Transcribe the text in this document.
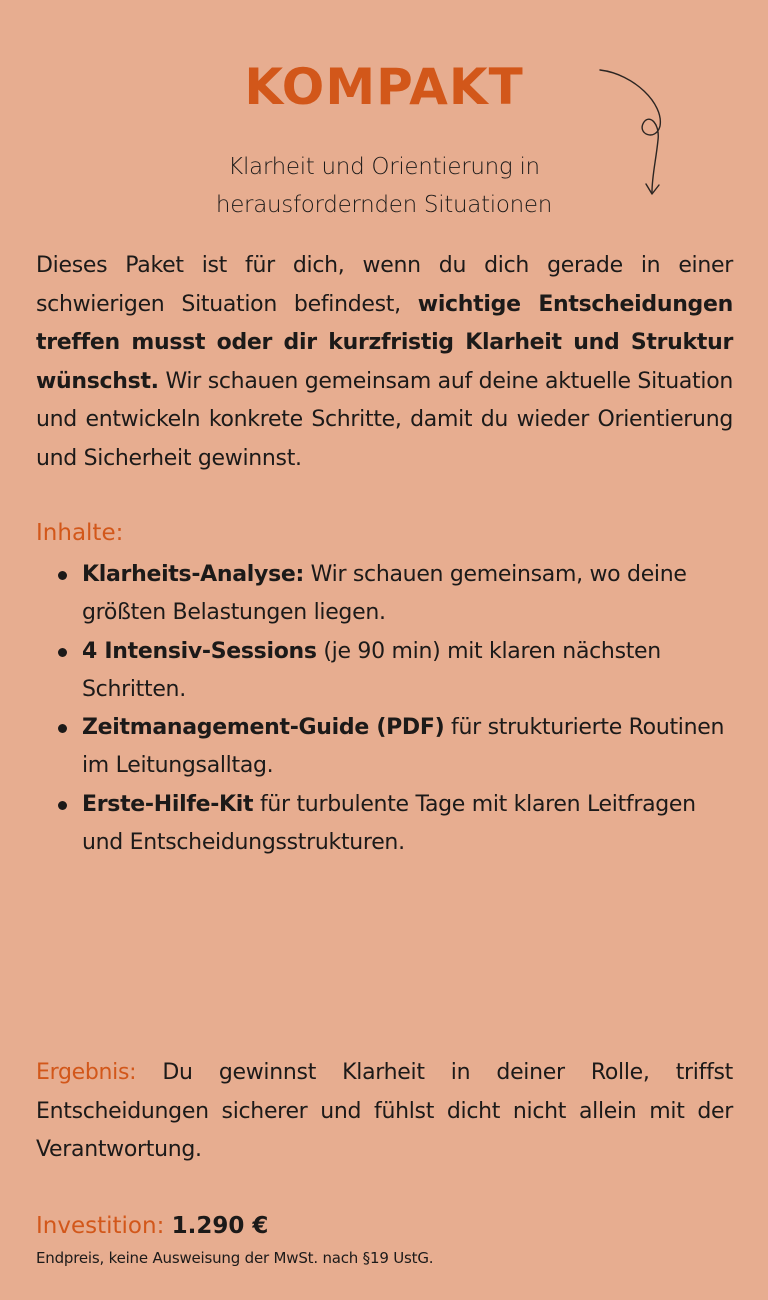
KOMPAKT
Klarheit und Orientierung in
herausfordernden Situationen
Dieses Paket ist für dich, wenn du dich gerade in einer schwierigen Situation befindest, wichtige Entscheidungen treffen musst oder dir kurzfristig Klarheit und Struktur wünschst. Wir schauen gemeinsam auf deine aktuelle Situation und entwickeln konkrete Schritte, damit du wieder Orientierung und Sicherheit gewinnst.
Inhalte:
Klarheits-Analyse: Wir schauen gemeinsam, wo deine größten Belastungen liegen.
4 Intensiv-Sessions (je 90 min) mit klaren nächsten Schritten.
Zeitmanagement-Guide (PDF) für strukturierte Routinen im Leitungsalltag.
Erste-Hilfe-Kit für turbulente Tage mit klaren Leitfragen und Entscheidungsstrukturen.
Ergebnis: Du gewinnst Klarheit in deiner Rolle, triffst Entscheidungen sicherer und fühlst dicht nicht allein mit der Verantwortung.
Investition: 1.290 €
Endpreis, keine Ausweisung der MwSt. nach §19 UstG.
